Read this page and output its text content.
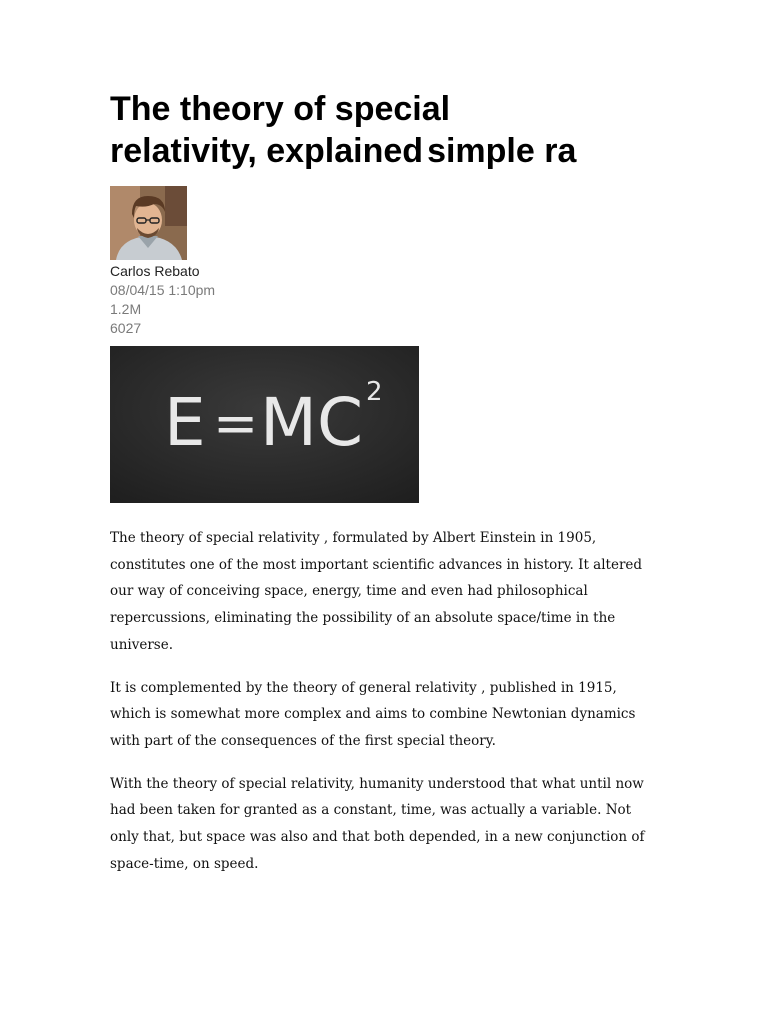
The theory of special
relativity, explained simple ra
Carlos Rebato
08/04/15 1:10pm
1.2M
6027
E = MC 2

The theory of special relativity , formulated by Albert Einstein in 1905, constitutes one of the most important scientific advances in history. It altered our way of conceiving space, energy, time and even had philosophical repercussions, eliminating the possibility of an absolute space/time in the universe.

It is complemented by the theory of general relativity , published in 1915, which is somewhat more complex and aims to combine Newtonian dynamics with part of the consequences of the first special theory.

With the theory of special relativity, humanity understood that what until now had been taken for granted as a constant, time, was actually a variable. Not only that, but space was also and that both depended, in a new conjunction of space-time, on speed.
